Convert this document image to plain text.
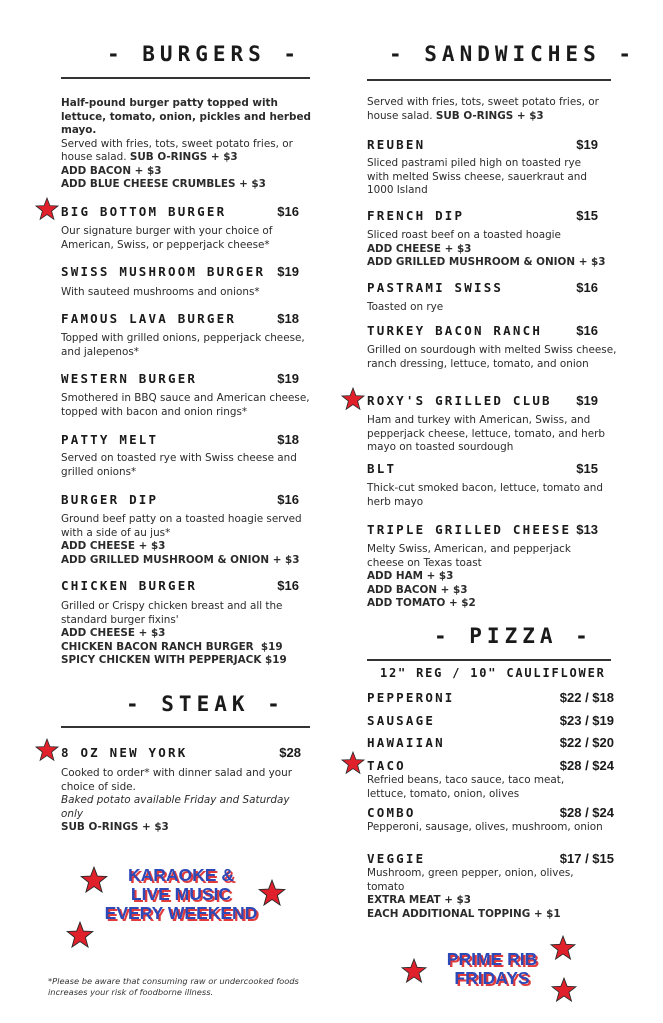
- BURGERS -
Half-pound burger patty topped with lettuce, tomato, onion, pickles and herbed mayo.
Served with fries, tots, sweet potato fries, or house salad. SUB O-RINGS + $3
ADD BACON + $3
ADD BLUE CHEESE CRUMBLES + $3
BIG BOTTOM BURGER	$16
Our signature burger with your choice of American, Swiss, or pepperjack cheese*
SWISS MUSHROOM BURGER $19
With sauteed mushrooms and onions*
FAMOUS LAVA BURGER	$18
Topped with grilled onions, pepperjack cheese, and jalepenos*
WESTERN BURGER	$19
Smothered in BBQ sauce and American cheese, topped with bacon and onion rings*
PATTY MELT	$18
Served on toasted rye with Swiss cheese and grilled onions*
BURGER DIP	$16
Ground beef patty on a toasted hoagie served with a side of au jus*
ADD CHEESE + $3
ADD GRILLED MUSHROOM & ONION + $3
CHICKEN BURGER	$16
Grilled or Crispy chicken breast and all the standard burger fixins'
ADD CHEESE + $3
CHICKEN BACON RANCH BURGER  $19
SPICY CHICKEN WITH PEPPERJACK $19
- STEAK -
8 OZ NEW YORK	$28
Cooked to order* with dinner salad and your choice of side.
Baked potato available Friday and Saturday only
SUB O-RINGS + $3
KARAOKE &
LIVE MUSIC
EVERY WEEKEND
*Please be aware that consuming raw or undercooked foods increases your risk of foodborne illness.
- SANDWICHES -
Served with fries, tots, sweet potato fries, or house salad. SUB O-RINGS + $3
REUBEN	$19
Sliced pastrami piled high on toasted rye with melted Swiss cheese, sauerkraut and 1000 Island
FRENCH DIP	$15
Sliced roast beef on a toasted hoagie
ADD CHEESE + $3
ADD GRILLED MUSHROOM & ONION + $3
PASTRAMI SWISS	$16
Toasted on rye
TURKEY BACON RANCH	$16
Grilled on sourdough with melted Swiss cheese, ranch dressing, lettuce, tomato, and onion
ROXY'S GRILLED CLUB $19
Ham and turkey with American, Swiss, and pepperjack cheese, lettuce, tomato, and herb mayo on toasted sourdough
BLT	$15
Thick-cut smoked bacon, lettuce, tomato and herb mayo
TRIPLE GRILLED CHEESE $13
Melty Swiss, American, and pepperjack cheese on Texas toast
ADD HAM + $3
ADD BACON + $3
ADD TOMATO + $2
- PIZZA -
12" REG / 10" CAULIFLOWER
PEPPERONI	$22 / $18
SAUSAGE	$23 / $19
HAWAIIAN	$22 / $20
TACO	$28 / $24
Refried beans, taco sauce, taco meat, lettuce, tomato, onion, olives
COMBO	$28 / $24
Pepperoni, sausage, olives, mushroom, onion
VEGGIE	$17 / $15
Mushroom, green pepper, onion, olives, tomato
EXTRA MEAT + $3
EACH ADDITIONAL TOPPING + $1
PRIME RIB
FRIDAYS
